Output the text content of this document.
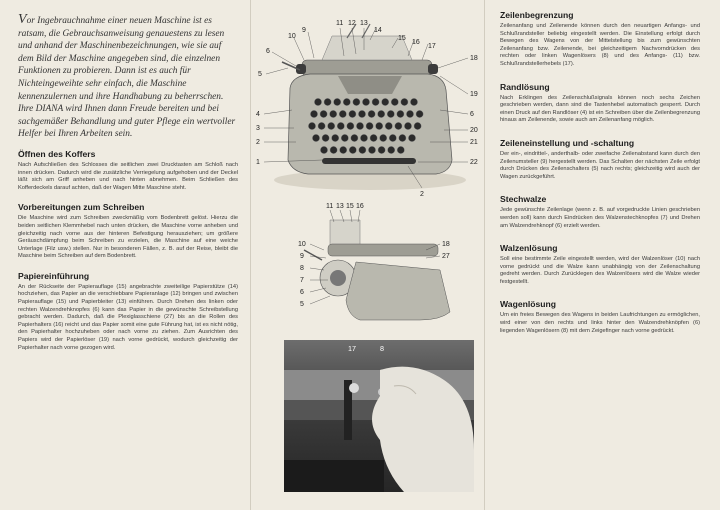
Vor Ingebrauchnahme einer neuen Maschine ist es ratsam, die Gebrauchsanweisung genauestens zu lesen und anhand der Maschinenbezeichnungen, wie sie auf dem Bild der Maschine angegeben sind, die einzelnen Funktionen zu probieren. Dann ist es auch für Nichteingeweihte sehr einfach, die Maschine kennenzulernen und ihre Handhabung zu beherrschen. Ihre DIANA wird Ihnen dann Freude bereiten und bei sachgemäßer Behandlung und guter Pflege ein wertvoller Helfer bei Ihren Arbeiten sein.

Öffnen des Koffers

Nach Aufschließen des Schlosses die seitlichen zwei Drucktasten am Schloß nach innen drücken. Dadurch wird die zusätzliche Verriegelung aufgehoben und der Deckel läßt sich am Griff anheben und nach hinten abnehmen. Beim Schließen des Kofferdeckels darauf achten, daß der Wagen Mitte Maschine steht.

Vorbereitungen zum Schreiben

Die Maschine wird zum Schreiben zweckmäßig vom Bodenbrett gelöst. Hierzu die beiden seitlichen Klemmhebel nach unten drücken, die Maschine vorne anheben und gleichzeitig nach vorne aus der hinteren Befestigung herausziehen; um größere Geräuschdämpfung beim Schreiben zu erzielen, die Maschine auf eine weiche Unterlage (Filz usw.) stellen. Nur in besonderen Fällen, z. B. auf der Reise, bleibt die Maschine beim Schreiben auf dem Bodenbrett.

Papiereinführung

An der Rückseite der Papierauflage (15) angebrachte zweiteilige Papierstütze (14) hochziehen, das Papier an die verschiebbare Papieranlage (12) bringen und zwischen Papierauflage (15) und Papierbleiter (13) einführen. Durch Drehen des linken oder rechten Walzendrehknopfes (6) kann das Papier in die gewünschte Schreibstellung gebracht werden. Dadurch, daß die Plexiglasschiene (27) bis an die Rollen des Papierhalters (16) reicht und das Papier somit eine gute Führung hat, ist es nicht nötig, den Papierhalter hochzuheben oder nach vorne zu ziehen. Zum Ausrichten des Papiers wird der Papierlöser (19) nach vorne gedrückt, wodurch gleichzeitig der Papierhalter nach vorne gezogen wird.

11 12 13
14
15
16
17
9
10
6
5
4
3
2
1
18
19
6
20
21
22
2
11 13 15 16
10
9
8
7
6
5
18
27
17	8
Zeilenbegrenzung

Zeilenanfang und Zeilenende können durch den neuartigen Anfangs- und Schlußrandsteller beliebig eingestellt werden. Die Einstellung erfolgt durch Bewegen des Wagens von der Mittelstellung bis zum gewünschten Zeilenanfang bzw. Zeilenende, bei gleichzeitigem Nachvorndrücken des rechten oder linken Wagenlösers (8) und des Anfangs- (11) bzw. Schlußrandstellerhebels (17).

Randlösung

Nach Erklingen des Zeilenschlußsignals können noch sechs Zeichen geschrieben werden, dann sind die Tastenhebel automatisch gesperrt. Durch einen Druck auf den Randlöser (4) ist ein Schreiben über die Zeilenbegrenzung hinaus am Zeilenende, sowie auch am Zeilenanfang möglich.

Zeileneinstellung und -schaltung

Der ein-, eindrittel-, anderthalb- oder zweifache Zeilenabstand kann durch den Zeilenumsteller (9) hergestellt werden. Das Schalten der nächsten Zeile erfolgt durch Drücken des Zeilenschalters (5) nach rechts; gleichzeitig wird auch der Wagen zurückgeführt.

Stechwalze

Jede gewünschte Zeilenlage (wenn z. B. auf vorgedruckte Linien geschrieben werden soll) kann durch Eindrücken des Walzenstechknopfes (7) und Drehen am Walzendrehknopf (6) erzielt werden.

Walzenlösung

Soll eine bestimmte Zeile eingestellt werden, wird der Walzenlöser (10) nach vorne gedrückt und die Walze kann unabhängig von der Zeilenschaltung gedreht werden. Durch Zurücklegen des Walzenlösers wird die Walze wieder festgestellt.

Wagenlösung

Um ein freies Bewegen des Wagens in beiden Laufrichtungen zu ermöglichen, wird einer von den rechts und links hinter den Walzendrehknöpfen (6) liegenden Wagenlösern (8) mit dem Zeigefinger nach vorne gedrückt.
